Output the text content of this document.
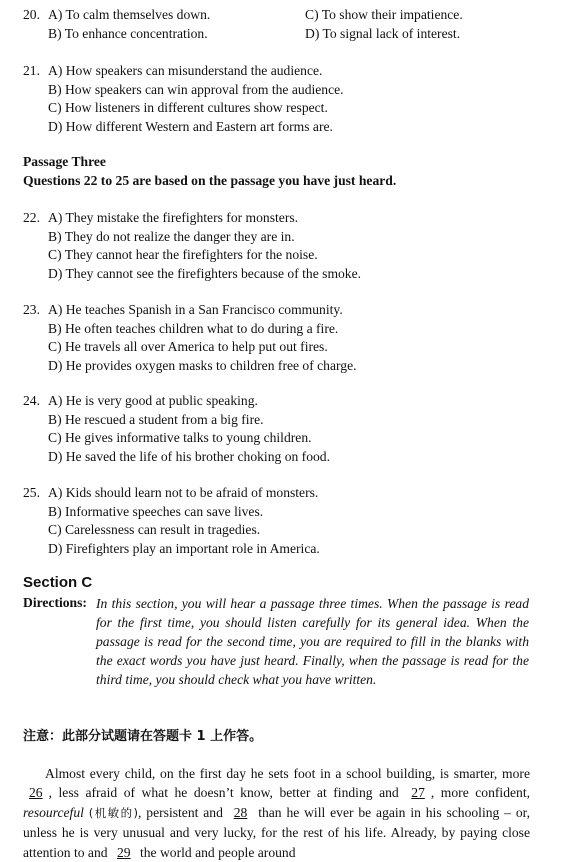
20. A) To calm themselves down.	C) To show their impatience.
B) To enhance concentration.	D) To signal lack of interest.
21. A) How speakers can misunderstand the audience.
B) How speakers can win approval from the audience.
C) How listeners in different cultures show respect.
D) How different Western and Eastern art forms are.
Passage Three
Questions 22 to 25 are based on the passage you have just heard.
22. A) They mistake the firefighters for monsters.
B) They do not realize the danger they are in.
C) They cannot hear the firefighters for the noise.
D) They cannot see the firefighters because of the smoke.
23. A) He teaches Spanish in a San Francisco community.
B) He often teaches children what to do during a fire.
C) He travels all over America to help put out fires.
D) He provides oxygen masks to children free of charge.
24. A) He is very good at public speaking.
B) He rescued a student from a big fire.
C) He gives informative talks to young children.
D) He saved the life of his brother choking on food.
25. A) Kids should learn not to be afraid of monsters.
B) Informative speeches can save lives.
C) Carelessness can result in tragedies.
D) Firefighters play an important role in America.
Section C
Directions: In this section, you will hear a passage three times. When the passage is read for the first time, you should listen carefully for its general idea. When the passage is read for the second time, you are required to fill in the blanks with the exact words you have just heard. Finally, when the passage is read for the third time, you should check what you have written.
注意：此部分试题请在答题卡 1 上作答。
Almost every child, on the first day he sets foot in a school building, is smarter, more 26 , less afraid of what he doesn’t know, better at finding and 27 , more confident, resourceful (机敏的), persistent and 28 than he will ever be again in his schooling – or, unless he is very unusual and very lucky, for the rest of his life. Already, by paying close attention to and 29 the world and people around
